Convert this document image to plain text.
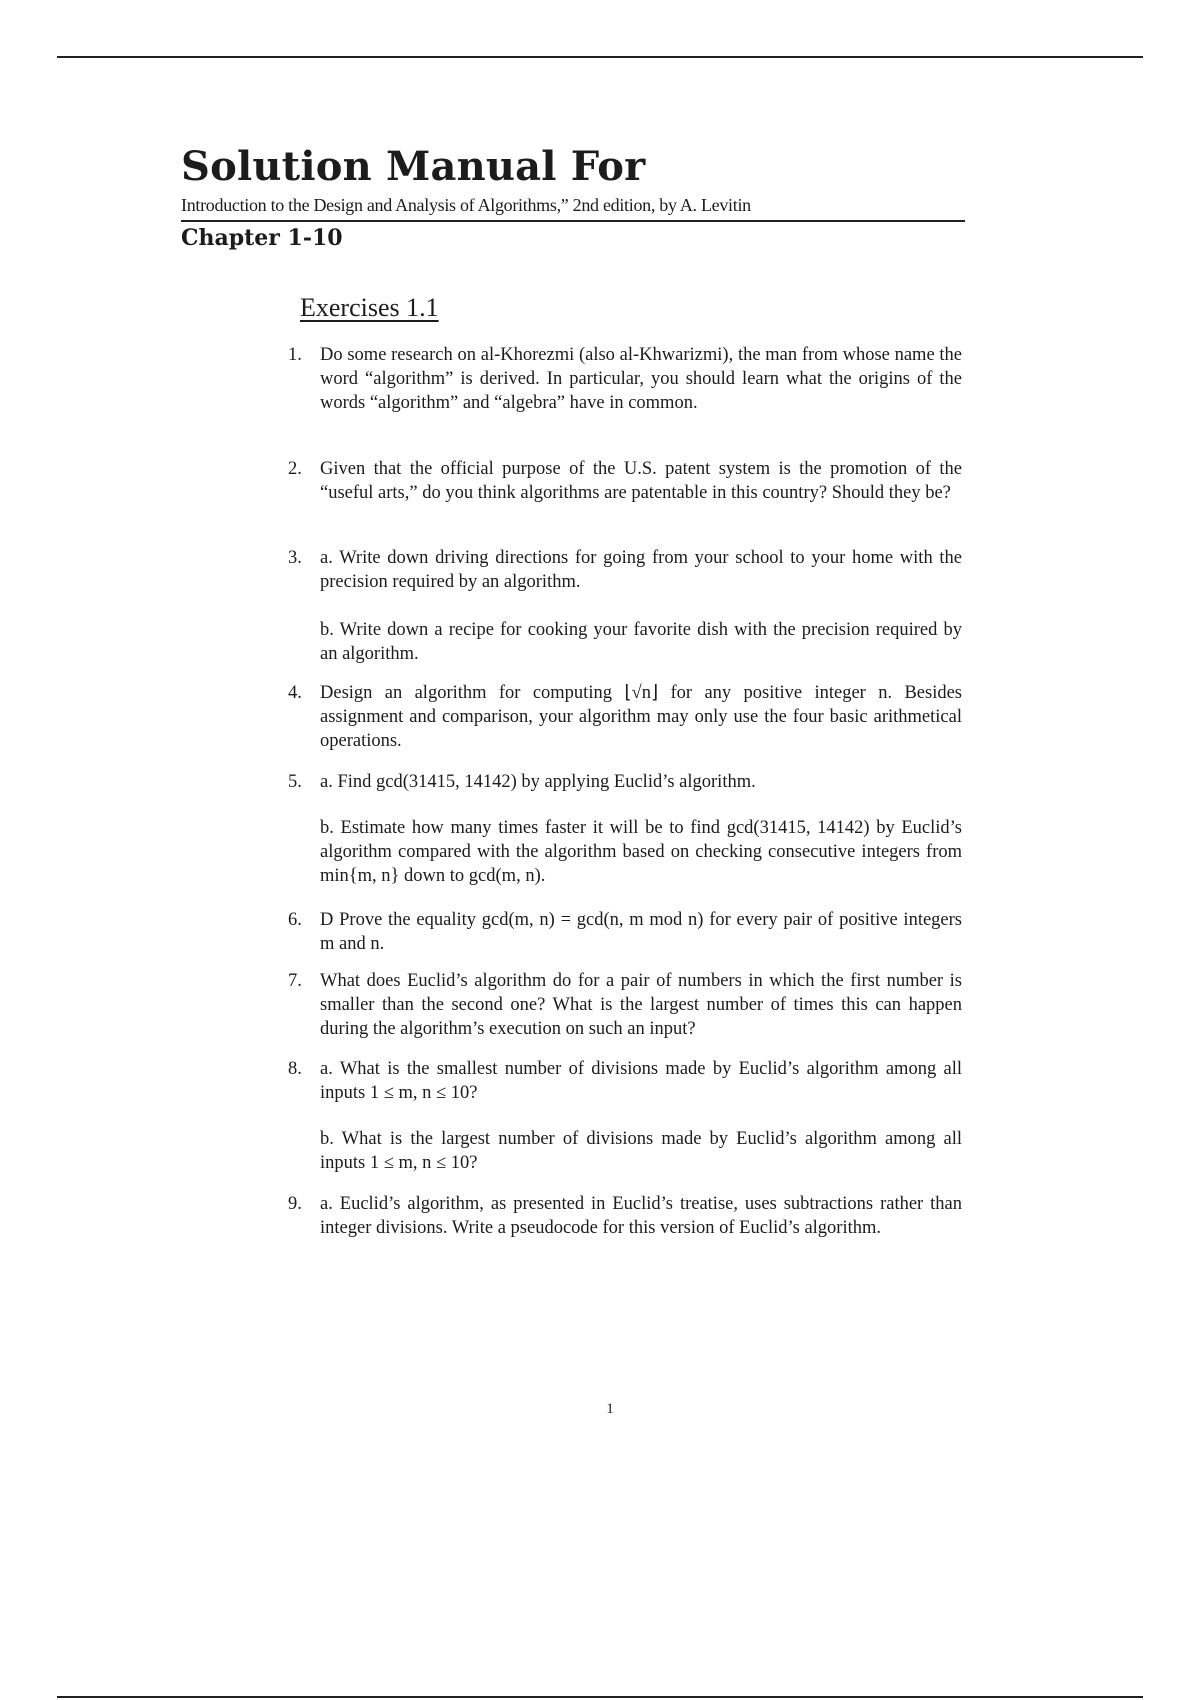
Solution Manual For
Introduction to the Design and Analysis of Algorithms,” 2nd edition, by A. Levitin
Chapter 1-10
Exercises 1.1
1. Do some research on al-Khorezmi (also al-Khwarizmi), the man from whose name the word “algorithm” is derived. In particular, you should learn what the origins of the words “algorithm” and “algebra” have in common.

2. Given that the official purpose of the U.S. patent system is the promotion of the “useful arts,” do you think algorithms are patentable in this country? Should they be?

3. a. Write down driving directions for going from your school to your home with the precision required by an algorithm.

b. Write down a recipe for cooking your favorite dish with the precision required by an algorithm.

4. Design an algorithm for computing ⌊√n⌋ for any positive integer n. Besides assignment and comparison, your algorithm may only use the four basic arithmetical operations.

5. a. Find gcd(31415, 14142) by applying Euclid’s algorithm.

b. Estimate how many times faster it will be to find gcd(31415, 14142) by Euclid’s algorithm compared with the algorithm based on checking consecutive integers from min{m, n} down to gcd(m, n).

6. D Prove the equality gcd(m, n) = gcd(n, m mod n) for every pair of positive integers m and n.

7. What does Euclid’s algorithm do for a pair of numbers in which the first number is smaller than the second one? What is the largest number of times this can happen during the algorithm’s execution on such an input?

8. a. What is the smallest number of divisions made by Euclid’s algorithm among all inputs 1 ≤ m, n ≤ 10?

b. What is the largest number of divisions made by Euclid’s algorithm among all inputs 1 ≤ m, n ≤ 10?

9. a. Euclid’s algorithm, as presented in Euclid’s treatise, uses subtractions rather than integer divisions. Write a pseudocode for this version of Euclid’s algorithm.

1
